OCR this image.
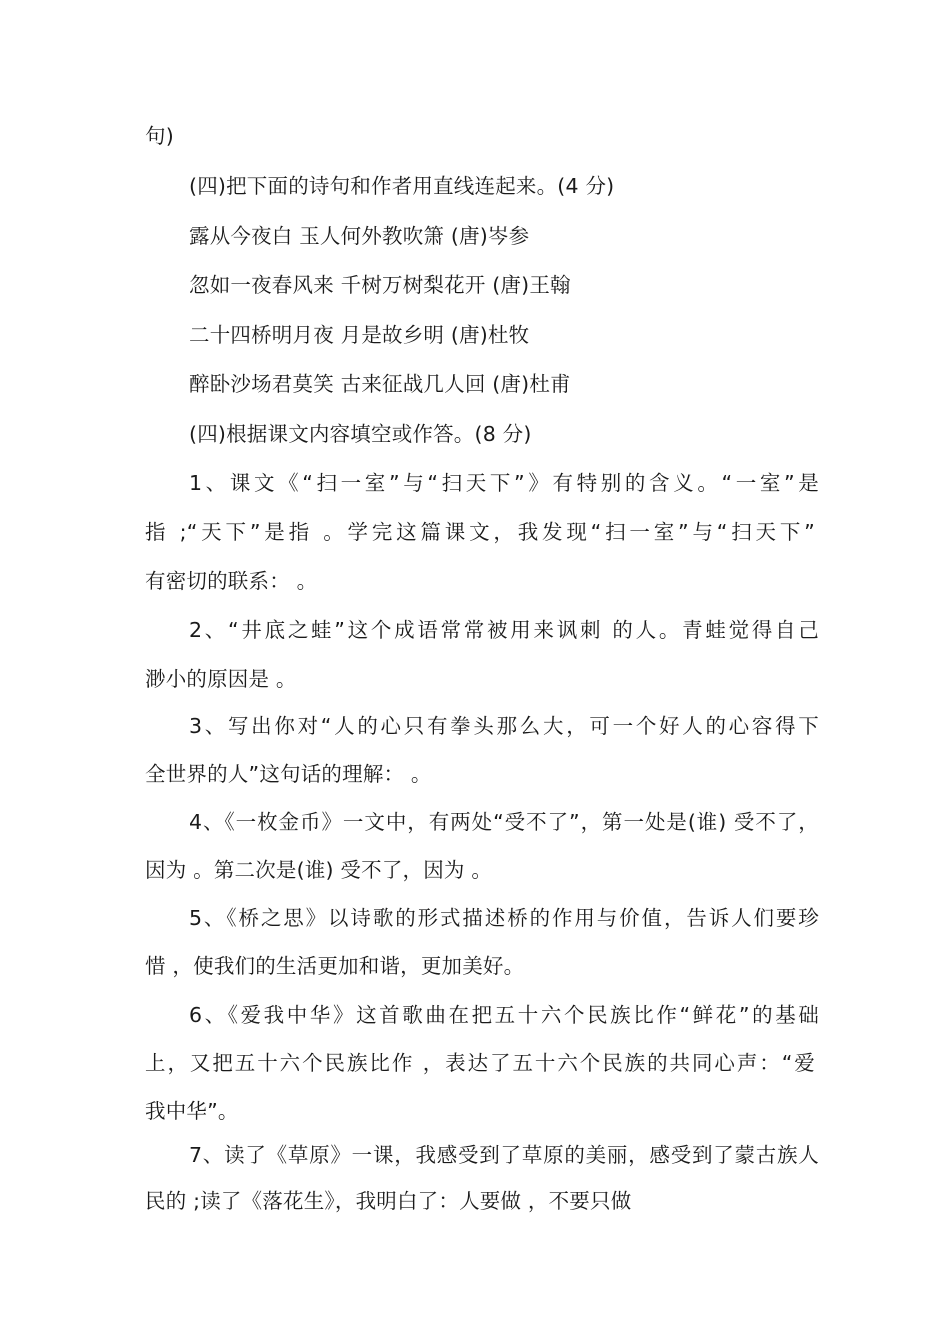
句)
(四)把下面的诗句和作者用直线连起来。(4 分)
露从今夜白 玉人何外教吹箫 (唐)岑参
忽如一夜春风来 千树万树梨花开 (唐)王翰
二十四桥明月夜 月是故乡明 (唐)杜牧
醉卧沙场君莫笑 古来征战几人回 (唐)杜甫
(四)根据课文内容填空或作答。(8 分)
1、课文《“扫一室”与“扫天下”》有特别的含义。“一室”是
指 ;“天下”是指 。学完这篇课文，我发现“扫一室”与“扫天下”
有密切的联系： 。
2、“井底之蛙”这个成语常常被用来讽刺 的人。青蛙觉得自己
渺小的原因是 。
3、写出你对“人的心只有拳头那么大，可一个好人的心容得下
全世界的人”这句话的理解： 。
4、《一枚金币》一文中，有两处“受不了”，第一处是(谁) 受不了，
因为 。第二次是(谁) 受不了，因为 。
5、《桥之思》以诗歌的形式描述桥的作用与价值，告诉人们要珍
惜 ，使我们的生活更加和谐，更加美好。
6、《爱我中华》这首歌曲在把五十六个民族比作“鲜花”的基础
上，又把五十六个民族比作 ，表达了五十六个民族的共同心声：“爱
我中华”。
7、读了《草原》一课，我感受到了草原的美丽，感受到了蒙古族人
民的 ;读了《落花生》，我明白了：人要做 ，不要只做
